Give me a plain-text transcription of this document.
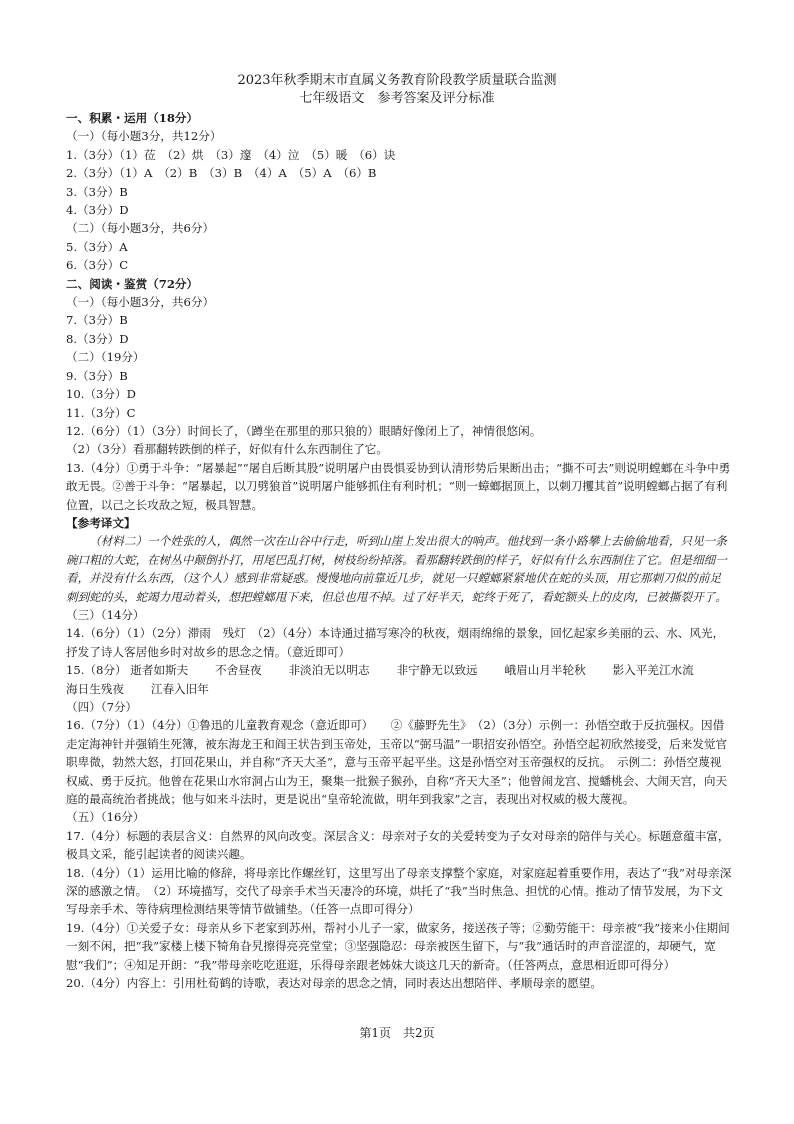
2023年秋季期末市直属义务教育阶段教学质量联合监测
七年级语文　参考答案及评分标准

一、积累・运用（18分）

（一）（每小题3分，共12分）

1.（3分）（1）莅　（2）烘　（3）邃　（4）泣　（5）暖　（6）诀

2.（3分）（1）A　（2）B　（3）B　（4）A　（5）A　（6）B

3.（3分）B

4.（3分）D

（二）（每小题3分，共6分）

5.（3分）A

6.（3分）C

二、阅读・鉴赏（72分）

（一）（每小题3分，共6分）

7.（3分）B

8.（3分）D

（二）（19分）

9.（3分）B

10.（3分）D

11.（3分）C

12.（6分）（1）（3分）时间长了，（蹲坐在那里的那只狼的）眼睛好像闭上了，神情很悠闲。

（2）（3分）看那翻转跌倒的样子，好似有什么东西制住了它。

13.（4分）①勇于斗争：“屠暴起”“屠自后断其股”说明屠户由畏惧妥协到认清形势后果断出击；“撕不可去”则说明螳螂在斗争中勇敢无畏。②善于斗争：“屠暴起，以刀劈狼首”说明屠户能够抓住有利时机；“则一蟑螂据顶上，以刺刀攫其首”说明螳螂占据了有利位置，以己之长攻敌之短，极具智慧。

【参考译文】

（材料二）一个姓张的人，偶然一次在山谷中行走，听到山崖上发出很大的响声。他找到一条小路攀上去偷偷地看，只见一条碗口粗的大蛇，在树丛中颠倒扑打，用尾巴乱打树，树枝纷纷掉落。看那翻转跌倒的样子，好似有什么东西制住了它。但是细细一看，并没有什么东西，（这个人）感到非常疑惑。慢慢地向前靠近几步，就见一只螳螂紧紧地伏在蛇的头顶，用它那刺刀似的前足刺到蛇的头，蛇竭力甩动着头，想把螳螂甩下来，但总也甩不掉。过了好半天，蛇终于死了，看蛇额头上的皮肉，已被撕裂开了。

（三）（14分）

14.（6分）（1）（2分）滞雨　残灯　（2）（4分）本诗通过描写寒冷的秋夜，烟雨绵绵的景象，回忆起家乡美丽的云、水、风光，抒发了诗人客居他乡时对故乡的思念之情。（意近即可）

15.（8分） 逝者如斯夫　　 不舍昼夜　　 非淡泊无以明志　　 非宁静无以致远　　 峨眉山月半轮秋　　 影入平羌江水流　　 海日生残夜　　 江春入旧年

（四）（7分）

16.（7分）（1）（4分）①鲁迅的儿童教育观念（意近即可）　　②《藤野先生》　（2）（3分）示例一：孙悟空敢于反抗强权。因借走定海神针并强销生死簿，被东海龙王和阎王状告到玉帝处，玉帝以“弼马温”一职招安孙悟空。孙悟空起初欣然接受，后来发觉官职卑微，勃然大怒，打回花果山，并自称“齐天大圣”，意与玉帝平起平坐。这是孙悟空对玉帝强权的反抗。　示例二：孙悟空蔑视权威、勇于反抗。他曾在花果山水帘洞占山为王，聚集一批猴子猴孙，自称“齐天大圣”；他曾闹龙宫、搅蟠桃会、大闹天宫，向天庭的最高统治者挑战；他与如来斗法时，更是说出“皇帝轮流做，明年到我家”之言，表现出对权威的极大蔑视。

（五）（16分）

17.（4分）标题的表层含义：自然界的风向改变。深层含义：母亲对子女的关爱转变为子女对母亲的陪伴与关心。标题意蕴丰富，极具文采，能引起读者的阅读兴趣。

18.（4分）（1）运用比喻的修辞，将母亲比作螺丝钉，这里写出了母亲支撑整个家庭，对家庭起着重要作用，表达了“我”对母亲深深的感激之情。　（2）环境描写，交代了母亲手术当天凄冷的环境，烘托了“我”当时焦急、担忧的心情。推动了情节发展，为下文写母亲手术、等待病理检测结果等情节做铺垫。（任答一点即可得分）

19.（4分）①关爱子女：母亲从乡下老家到苏州，帮衬小儿子一家，做家务，接送孩子等；②勤劳能干：母亲被“我”接来小住期间一刻不闲，把“我”家楼上楼下犄角旮旯擦得亮亮堂堂；③坚强隐忍：母亲被医生留下，与“我”通话时的声音涩涩的，却硬气，宽慰“我们”；④知足开朗：“我”带母亲吃吃逛逛，乐得母亲跟老姊妹大谈这几天的新奇。（任答两点，意思相近即可得分）

20.（4分）内容上：引用杜荀鹤的诗歌，表达对母亲的思念之情，同时表达出想陪伴、孝顺母亲的愿望。

第1页　共2页
